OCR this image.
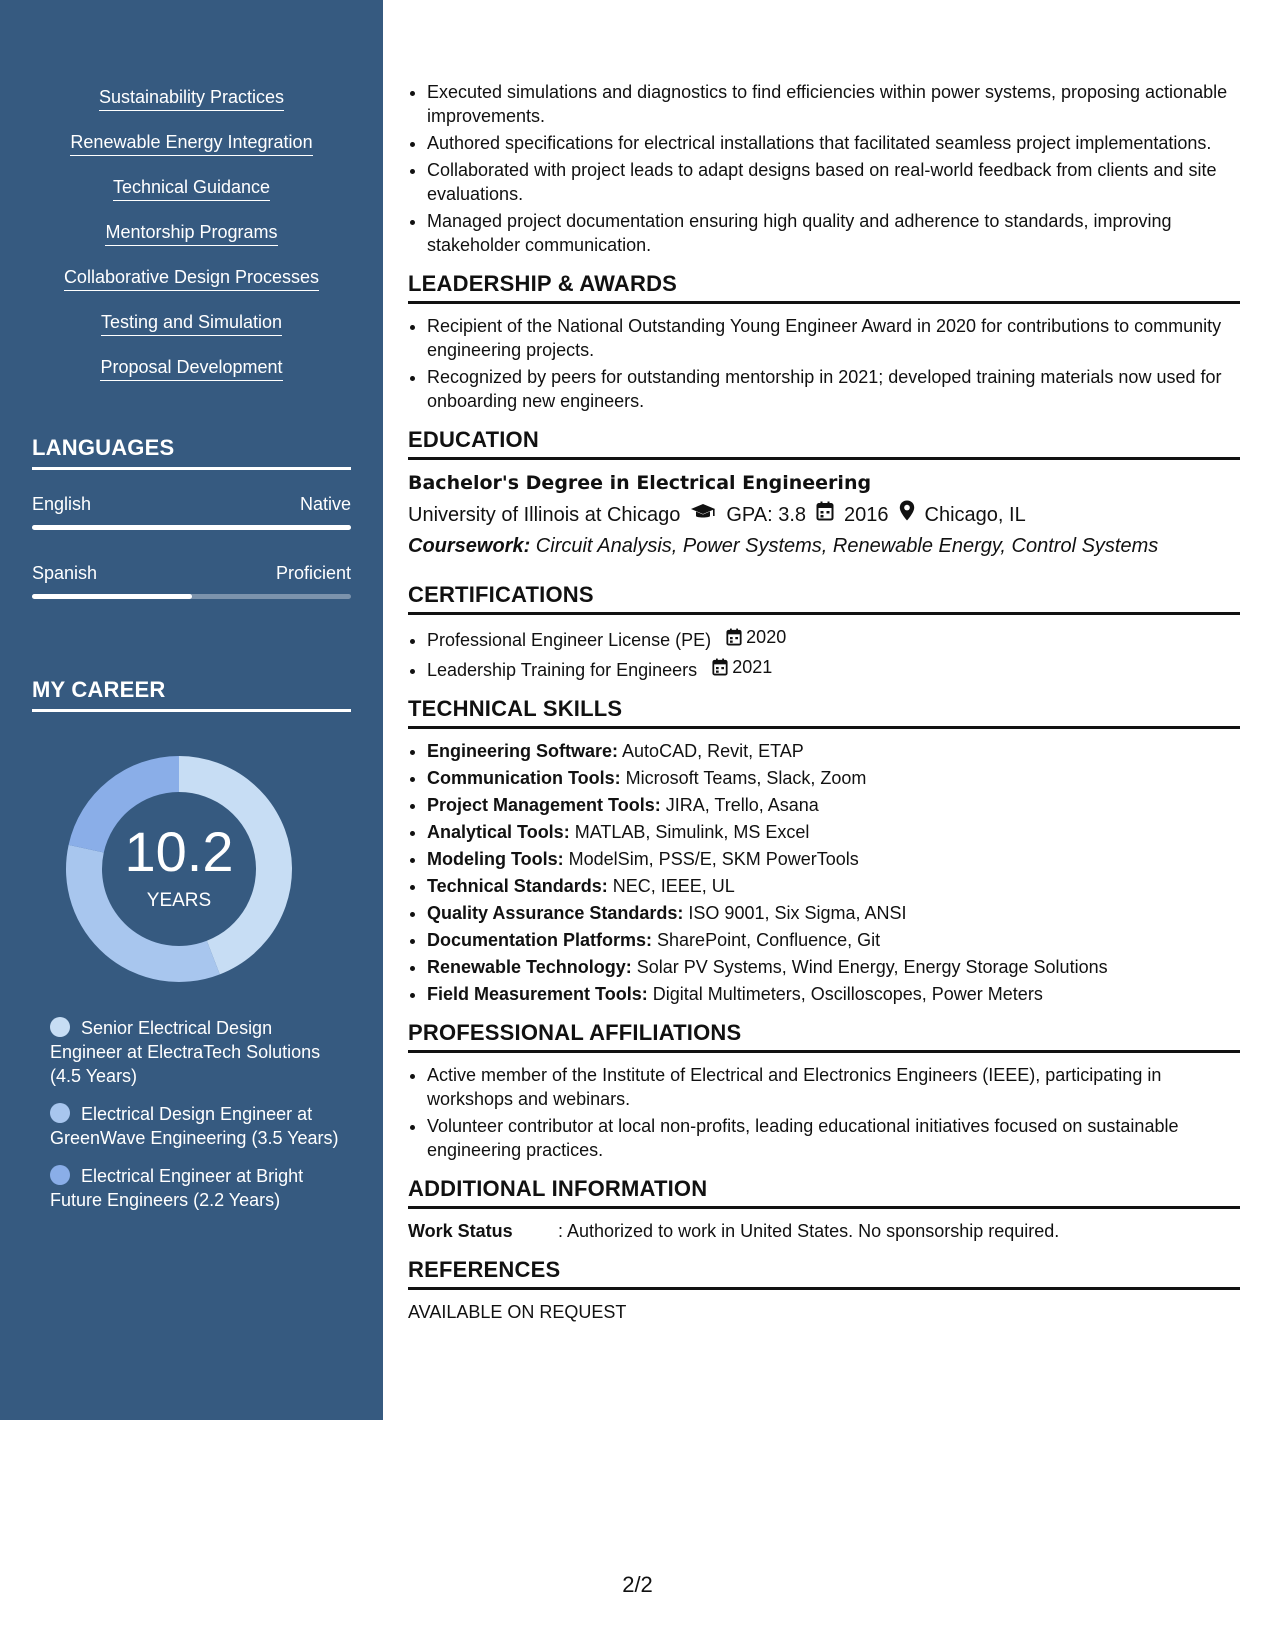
Sustainability Practices
Renewable Energy Integration
Technical Guidance
Mentorship Programs
Collaborative Design Processes
Testing and Simulation
Proposal Development
LANGUAGES
English	Native
Spanish	Proficient
MY CAREER
10.2
YEARS
Senior Electrical Design Engineer at ElectraTech Solutions (4.5 Years)
Electrical Design Engineer at GreenWave Engineering (3.5 Years)
Electrical Engineer at Bright Future Engineers (2.2 Years)
• Executed simulations and diagnostics to find efficiencies within power systems, proposing actionable improvements.
• Authored specifications for electrical installations that facilitated seamless project implementations.
• Collaborated with project leads to adapt designs based on real-world feedback from clients and site evaluations.
• Managed project documentation ensuring high quality and adherence to standards, improving stakeholder communication.
LEADERSHIP & AWARDS
• Recipient of the National Outstanding Young Engineer Award in 2020 for contributions to community engineering projects.
• Recognized by peers for outstanding mentorship in 2021; developed training materials now used for onboarding new engineers.
EDUCATION
Bachelor's Degree in Electrical Engineering
University of Illinois at Chicago GPA: 3.8 2016 Chicago, IL
Coursework: Circuit Analysis, Power Systems, Renewable Energy, Control Systems
CERTIFICATIONS
• Professional Engineer License (PE) 2020
• Leadership Training for Engineers 2021
TECHNICAL SKILLS
• Engineering Software: AutoCAD, Revit, ETAP
• Communication Tools: Microsoft Teams, Slack, Zoom
• Project Management Tools: JIRA, Trello, Asana
• Analytical Tools: MATLAB, Simulink, MS Excel
• Modeling Tools: ModelSim, PSS/E, SKM PowerTools
• Technical Standards: NEC, IEEE, UL
• Quality Assurance Standards: ISO 9001, Six Sigma, ANSI
• Documentation Platforms: SharePoint, Confluence, Git
• Renewable Technology: Solar PV Systems, Wind Energy, Energy Storage Solutions
• Field Measurement Tools: Digital Multimeters, Oscilloscopes, Power Meters
PROFESSIONAL AFFILIATIONS
• Active member of the Institute of Electrical and Electronics Engineers (IEEE), participating in workshops and webinars.
• Volunteer contributor at local non-profits, leading educational initiatives focused on sustainable engineering practices.
ADDITIONAL INFORMATION
Work Status	: Authorized to work in United States. No sponsorship required.
REFERENCES
AVAILABLE ON REQUEST
2/2
